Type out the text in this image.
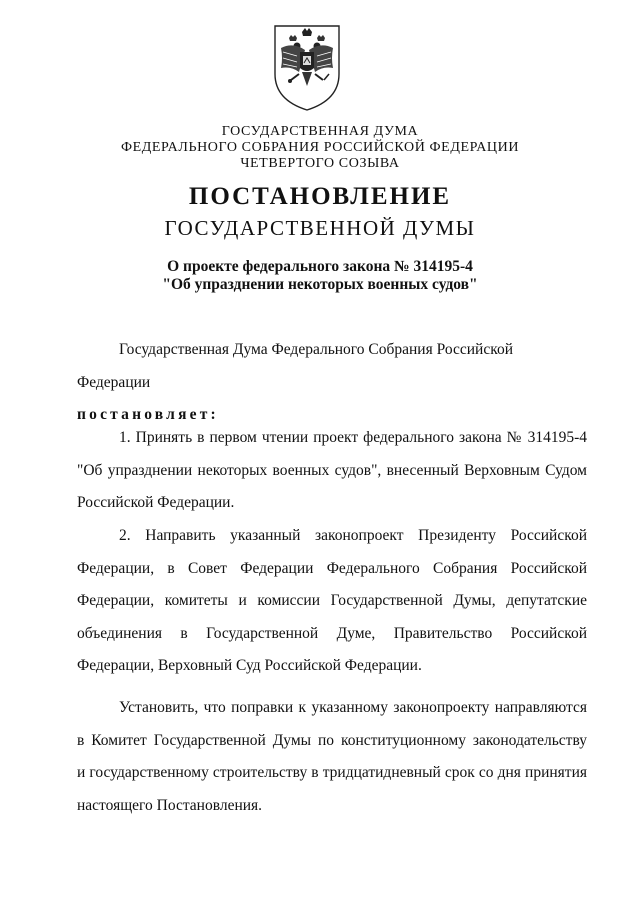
ГОСУДАРСТВЕННАЯ ДУМА
ФЕДЕРАЛЬНОГО СОБРАНИЯ РОССИЙСКОЙ ФЕДЕРАЦИИ
ЧЕТВЕРТОГО СОЗЫВА
ПОСТАНОВЛЕНИЕ
ГОСУДАРСТВЕННОЙ ДУМЫ
О проекте федерального закона № 314195-4
"Об упразднении некоторых военных судов"

Государственная Дума Федерального Собрания Российской Федерации

постановляет:

1. Принять в первом чтении проект федерального закона № 314195-4

"Об упразднении некоторых военных судов", внесенный Верховным Судом

Российской Федерации.

2. Направить указанный законопроект Президенту Российской

Федерации, в Совет Федерации Федерального Собрания Российской

Федерации, комитеты и комиссии Государственной Думы, депутатские

объединения в Государственной Думе, Правительство Российской

Федерации, Верховный Суд Российской Федерации.

Установить, что поправки к указанному законопроекту направляются

в Комитет Государственной Думы по конституционному законодательству

и государственному строительству в тридцатидневный срок со дня принятия

настоящего Постановления.
